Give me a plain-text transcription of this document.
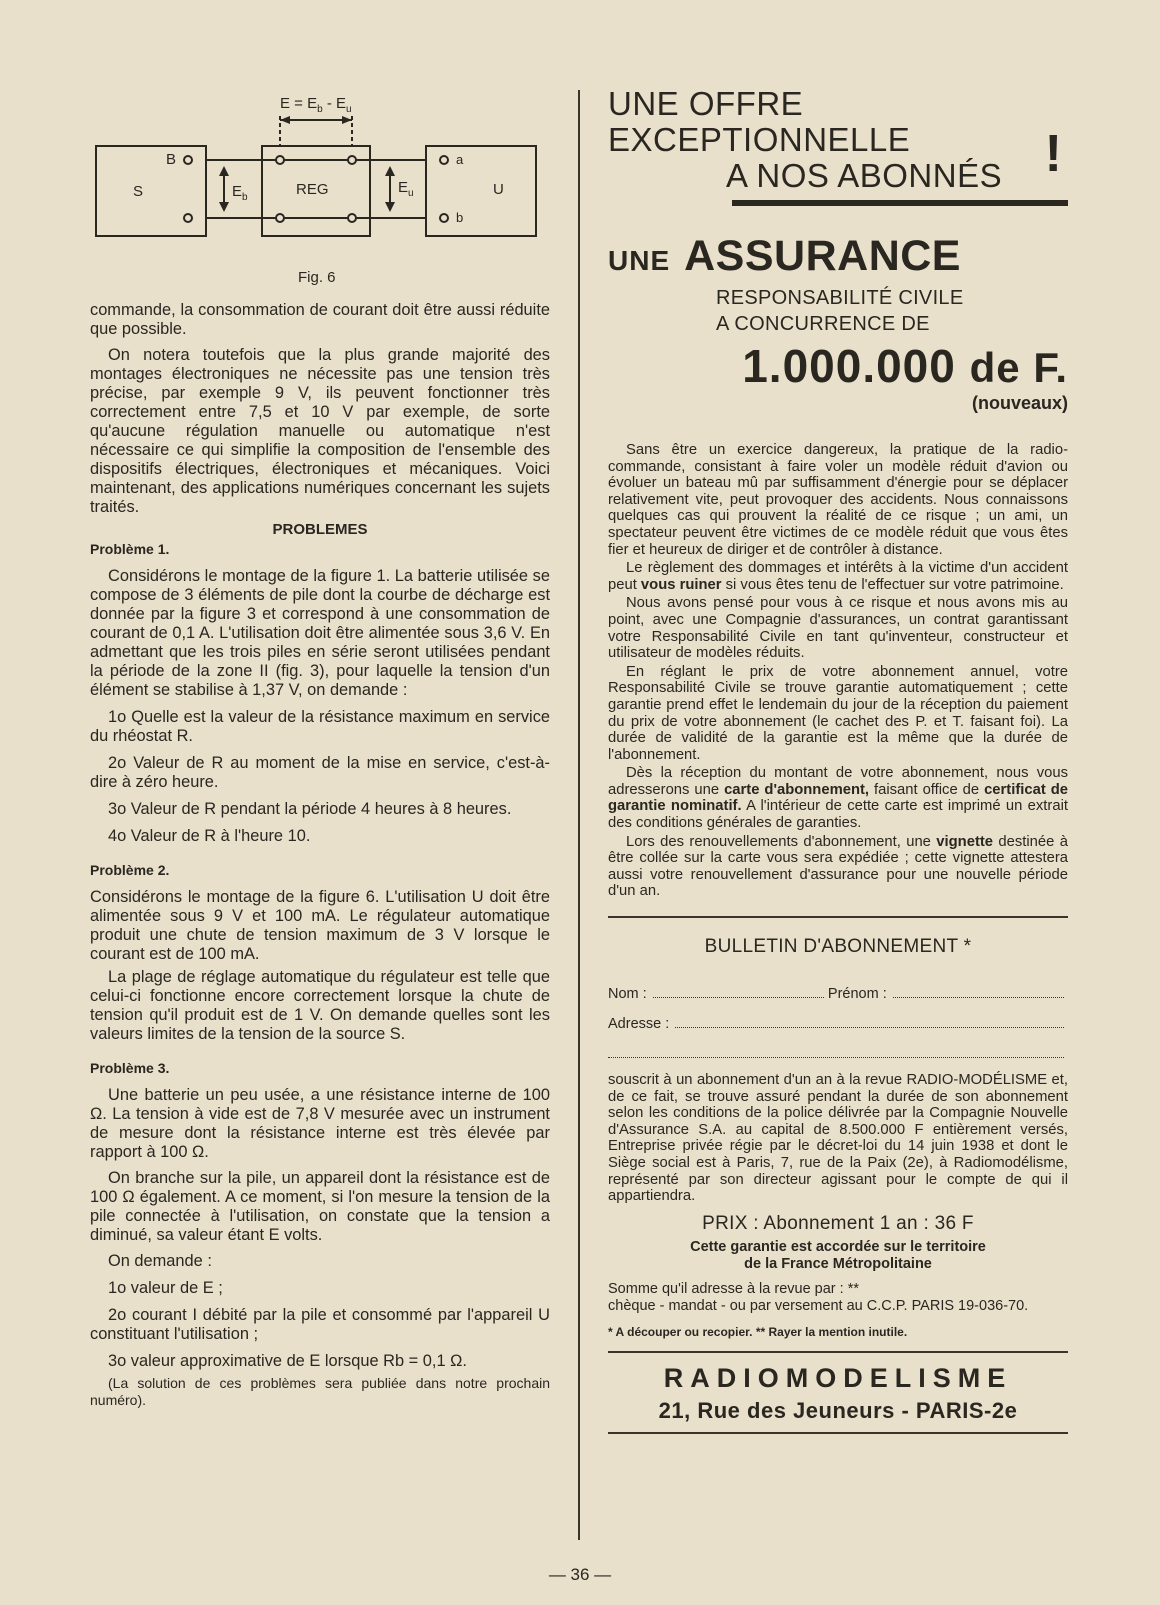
S	REG	U
B	a
b
$E_b$
$E_u$
$E = E_b - E_u$
Fig. 6

commande, la consommation de courant doit être aussi réduite que possible.

On notera toutefois que la plus grande majorité des montages électroniques ne nécessite pas une tension très précise, par exemple 9 V, ils peuvent fonctionner très correctement entre 7,5 et 10 V par exemple, de sorte qu'aucune régulation manuelle ou automatique n'est nécessaire ce qui simplifie la composition de l'ensemble des dispositifs électriques, électroniques et mécaniques. Voici maintenant, des applications numériques concernant les sujets traités.

PROBLEMES
Problème 1.

Considérons le montage de la figure 1. La batterie utilisée se compose de 3 éléments de pile dont la courbe de décharge est donnée par la figure 3 et correspond à une consommation de courant de 0,1 A. L'utilisation doit être alimentée sous 3,6 V. En admettant que les trois piles en série seront utilisées pendant la période de la zone II (fig. 3), pour laquelle la tension d'un élément se stabilise à 1,37 V, on demande :

1o Quelle est la valeur de la résistance maximum en service du rhéostat R.

2o Valeur de R au moment de la mise en service, c'est-à-dire à zéro heure.

3o Valeur de R pendant la période 4 heures à 8 heures.

4o Valeur de R à l'heure 10.

Problème 2.

Considérons le montage de la figure 6. L'utilisation U doit être alimentée sous 9 V et 100 mA. Le régulateur automatique produit une chute de tension maximum de 3 V lorsque le courant est de 100 mA.

La plage de réglage automatique du régulateur est telle que celui-ci fonctionne encore correctement lorsque la chute de tension qu'il produit est de 1 V. On demande quelles sont les valeurs limites de la tension de la source S.

Problème 3.

Une batterie un peu usée, a une résistance interne de 100 Ω. La tension à vide est de 7,8 V mesurée avec un instrument de mesure dont la résistance interne est très élevée par rapport à 100 Ω.

On branche sur la pile, un appareil dont la résistance est de 100 Ω également. A ce moment, si l'on mesure la tension de la pile connectée à l'utilisation, on constate que la tension a diminué, sa valeur étant E volts.

On demande :

1o valeur de E ;

2o courant I débité par la pile et consommé par l'appareil U constituant l'utilisation ;

3o valeur approximative de E lorsque Rb = 0,1 Ω.

(La solution de ces problèmes sera publiée dans notre prochain numéro).

UNE OFFRE
EXCEPTIONNELLE
A NOS ABONNÉS !
UNE ASSURANCE
RESPONSABILITÉ CIVILE
A CONCURRENCE DE
1.000.000 de F.
(nouveaux)

Sans être un exercice dangereux, la pratique de la radio-commande, consistant à faire voler un modèle réduit d'avion ou évoluer un bateau mû par suffisamment d'énergie pour se déplacer relativement vite, peut provoquer des accidents. Nous connaissons quelques cas qui prouvent la réalité de ce risque ; un ami, un spectateur peuvent être victimes de ce modèle réduit que vous êtes fier et heureux de diriger et de contrôler à distance.

Le règlement des dommages et intérêts à la victime d'un accident peut vous ruiner si vous êtes tenu de l'effectuer sur votre patrimoine.

Nous avons pensé pour vous à ce risque et nous avons mis au point, avec une Compagnie d'assurances, un contrat garantissant votre Responsabilité Civile en tant qu'inventeur, constructeur et utilisateur de modèles réduits.

En réglant le prix de votre abonnement annuel, votre Responsabilité Civile se trouve garantie automatiquement ; cette garantie prend effet le lendemain du jour de la réception du paiement du prix de votre abonnement (le cachet des P. et T. faisant foi). La durée de validité de la garantie est la même que la durée de l'abonnement.

Dès la réception du montant de votre abonnement, nous vous adresserons une carte d'abonnement, faisant office de certificat de garantie nominatif. A l'intérieur de cette carte est imprimé un extrait des conditions générales de garanties.

Lors des renouvellements d'abonnement, une vignette destinée à être collée sur la carte vous sera expédiée ; cette vignette attestera aussi votre renouvellement d'assurance pour une nouvelle période d'un an.

BULLETIN D'ABONNEMENT *
Nom :	Prénom :
Adresse :

souscrit à un abonnement d'un an à la revue RADIO-MODÉLISME et, de ce fait, se trouve assuré pendant la durée de son abonnement selon les conditions de la police délivrée par la Compagnie Nouvelle d'Assurance S.A. au capital de 8.500.000 F entièrement versés, Entreprise privée régie par le décret-loi du 14 juin 1938 et dont le Siège social est à Paris, 7, rue de la Paix (2e), à Radiomodélisme, représenté par son directeur agissant pour le compte de qui il appartiendra.

PRIX : Abonnement 1 an : 36 F
Cette garantie est accordée sur le territoire
de la France Métropolitaine
Somme qu'il adresse à la revue par : **
chèque - mandat - ou par versement au C.C.P. PARIS 19-036-70.
* A découper ou recopier. ** Rayer la mention inutile.
RADIOMODELISME
21, Rue des Jeuneurs - PARIS-2e
— 36 —
